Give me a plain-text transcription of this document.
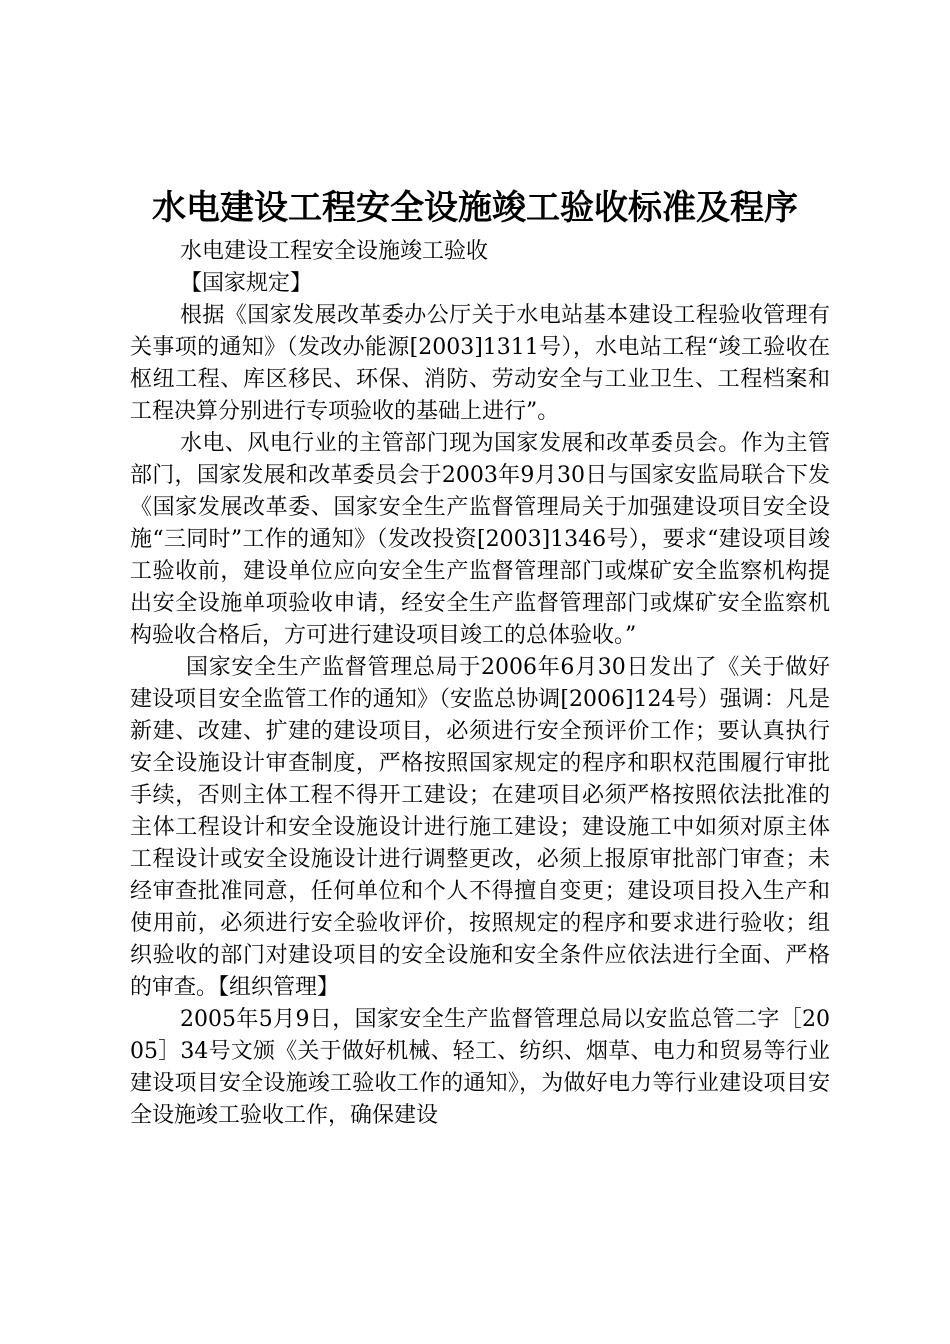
水电建设工程安全设施竣工验收标准及程序

水电建设工程安全设施竣工验收

【国家规定】

根据《国家发展改革委办公厅关于水电站基本建设工程验收管理有关事项的通知》（发改办能源[2003]1311号），水电站工程“竣工验收在枢纽工程、库区移民、环保、消防、劳动安全与工业卫生、工程档案和工程决算分别进行专项验收的基础上进行”。

水电、风电行业的主管部门现为国家发展和改革委员会。作为主管部门，国家发展和改革委员会于2003年9月30日与国家安监局联合下发《国家发展改革委、国家安全生产监督管理局关于加强建设项目安全设施“三同时”工作的通知》（发改投资[2003]1346号），要求“建设项目竣工验收前，建设单位应向安全生产监督管理部门或煤矿安全监察机构提出安全设施单项验收申请，经安全生产监督管理部门或煤矿安全监察机构验收合格后，方可进行建设项目竣工的总体验收。”

国家安全生产监督管理总局于2006年6月30日发出了《关于做好建设项目安全监管工作的通知》（安监总协调[2006]124号）强调：凡是新建、改建、扩建的建设项目，必须进行安全预评价工作；要认真执行安全设施设计审查制度，严格按照国家规定的程序和职权范围履行审批手续，否则主体工程不得开工建设；在建项目必须严格按照依法批准的主体工程设计和安全设施设计进行施工建设；建设施工中如须对原主体工程设计或安全设施设计进行调整更改，必须上报原审批部门审查；未经审查批准同意，任何单位和个人不得擅自变更；建设项目投入生产和使用前，必须进行安全验收评价，按照规定的程序和要求进行验收；组织验收的部门对建设项目的安全设施和安全条件应依法进行全面、严格的审查。【组织管理】

2005年5月9日，国家安全生产监督管理总局以安监总管二字［2005］34号文颁《关于做好机械、轻工、纺织、烟草、电力和贸易等行业建设项目安全设施竣工验收工作的通知》，为做好电力等行业建设项目安全设施竣工验收工作，确保建设
